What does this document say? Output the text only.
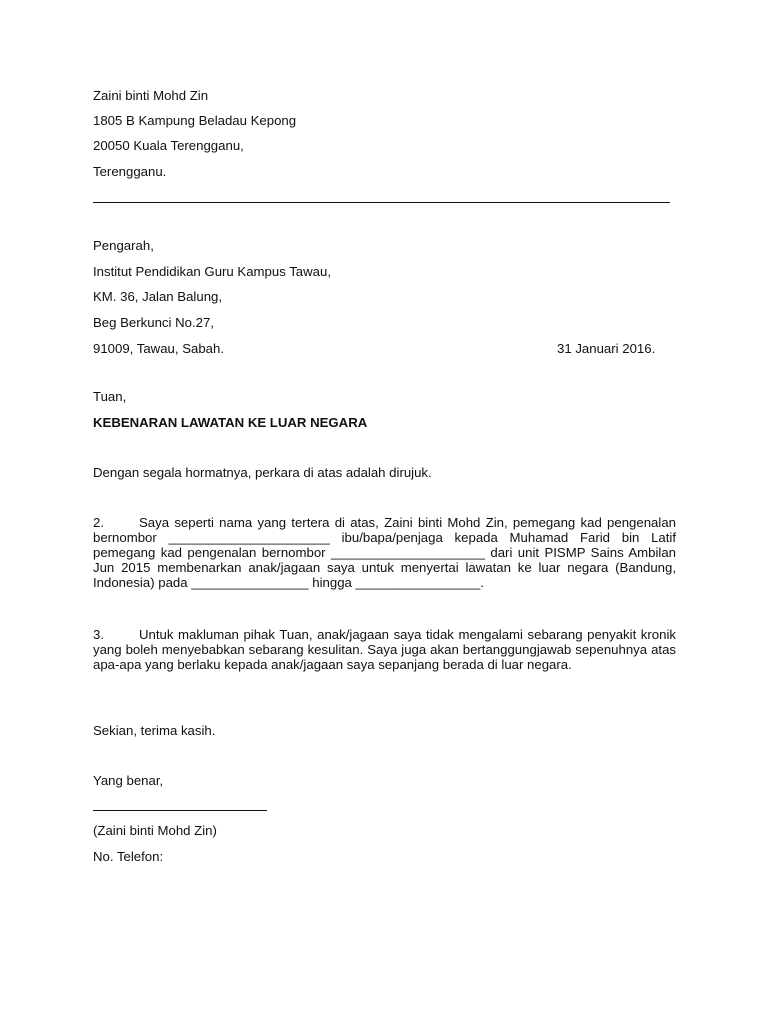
Zaini binti Mohd Zin
1805 B Kampung Beladau Kepong
20050 Kuala Terengganu,
Terengganu.
Pengarah,
Institut Pendidikan Guru Kampus Tawau,
KM. 36, Jalan Balung,
Beg Berkunci No.27,
91009, Tawau, Sabah.	31 Januari 2016.
Tuan,
KEBENARAN LAWATAN KE LUAR NEGARA
Dengan segala hormatnya, perkara di atas adalah dirujuk.
2.	Saya seperti nama yang tertera di atas, Zaini binti Mohd Zin, pemegang kad pengenalan bernombor ______________________ ibu/bapa/penjaga kepada Muhamad Farid bin Latif pemegang kad pengenalan bernombor _____________________ dari unit PISMP Sains Ambilan Jun 2015 membenarkan anak/jagaan saya untuk menyertai lawatan ke luar negara (Bandung, Indonesia) pada ________________ hingga _________________.
3.	Untuk makluman pihak Tuan, anak/jagaan saya tidak mengalami sebarang penyakit kronik yang boleh menyebabkan sebarang kesulitan. Saya juga akan bertanggungjawab sepenuhnya atas apa-apa yang berlaku kepada anak/jagaan saya sepanjang berada di luar negara.
Sekian, terima kasih.
Yang benar,
(Zaini binti Mohd Zin)
No. Telefon:
